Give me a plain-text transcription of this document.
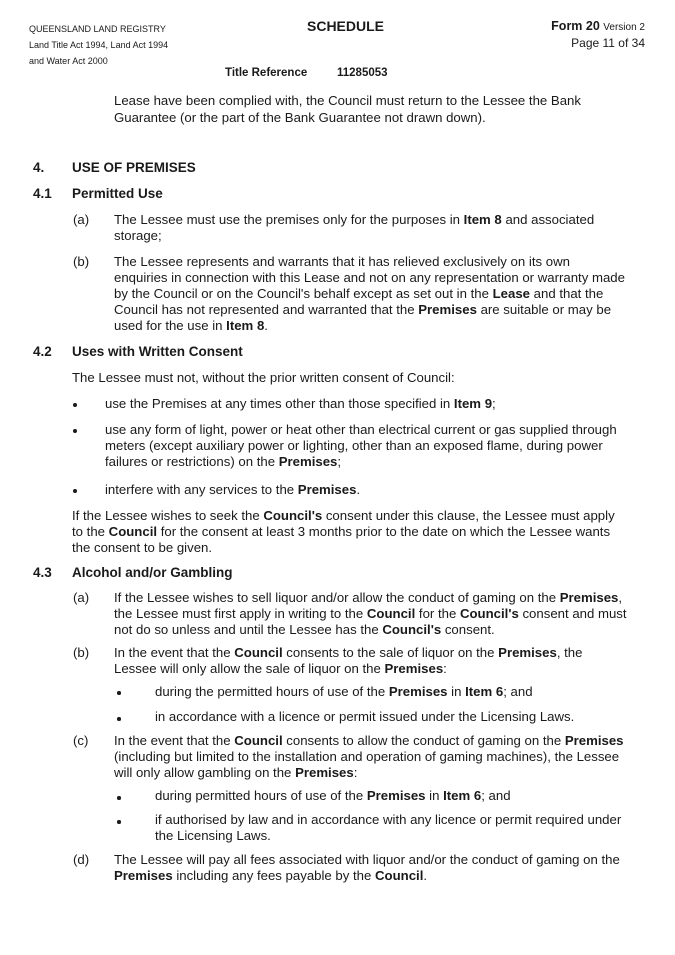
QUEENSLAND LAND REGISTRY
Land Title Act 1994, Land Act 1994
and Water Act 2000
SCHEDULE	Form 20 Version 2
Page 11 of 34
Title Reference	11285053
Lease have been complied with, the Council must return to the Lessee the Bank
Guarantee (or the part of the Bank Guarantee not drawn down).
4. USE OF PREMISES
4.1 Permitted Use
(a) The Lessee must use the premises only for the purposes in Item 8 and associated
storage;
(b) The Lessee represents and warrants that it has relieved exclusively on its own
enquiries in connection with this Lease and not on any representation or warranty made
by the Council or on the Council's behalf except as set out in the Lease and that the
Council has not represented and warranted that the Premises are suitable or may be
used for the use in Item 8.
4.2 Uses with Written Consent
The Lessee must not, without the prior written consent of Council:
use the Premises at any times other than those specified in Item 9;
use any form of light, power or heat other than electrical current or gas supplied through
meters (except auxiliary power or lighting, other than an exposed flame, during power
failures or restrictions) on the Premises;
interfere with any services to the Premises.
If the Lessee wishes to seek the Council's consent under this clause, the Lessee must apply
to the Council for the consent at least 3 months prior to the date on which the Lessee wants
the consent to be given.
4.3 Alcohol and/or Gambling
(a) If the Lessee wishes to sell liquor and/or allow the conduct of gaming on the Premises,
the Lessee must first apply in writing to the Council for the Council's consent and must
not do so unless and until the Lessee has the Council's consent.
(b) In the event that the Council consents to the sale of liquor on the Premises, the
Lessee will only allow the sale of liquor on the Premises:
during the permitted hours of use of the Premises in Item 6; and
in accordance with a licence or permit issued under the Licensing Laws.
(c) In the event that the Council consents to allow the conduct of gaming on the Premises
(including but limited to the installation and operation of gaming machines), the Lessee
will only allow gambling on the Premises:
during permitted hours of use of the Premises in Item 6; and
if authorised by law and in accordance with any licence or permit required under
the Licensing Laws.
(d) The Lessee will pay all fees associated with liquor and/or the conduct of gaming on the
Premises including any fees payable by the Council.
